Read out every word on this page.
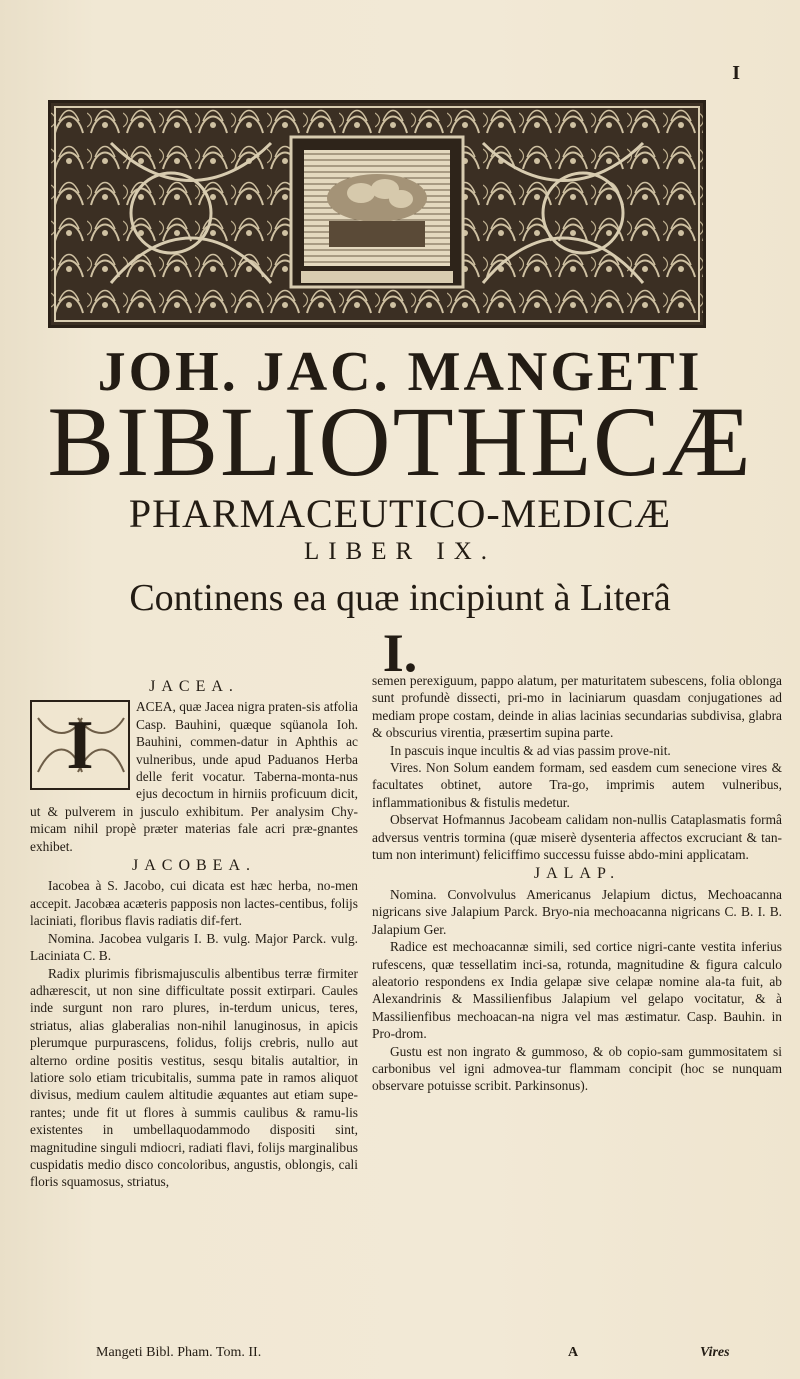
I
JOH. JAC. MANGETI
BIBLIOTHECÆ
PHARMACEUTICO-MEDICÆ
LIBER IX.
Continens ea quæ incipiunt à Literâ
I.

JACEA.

I

ACEA, quæ Jacea nigra praten-sis atfolia Casp. Bauhini, quæque sqüanola Ioh. Bauhini, commen-datur in Aphthis ac vulneribus, unde apud Paduanos Herba delle ferit vocatur. Taberna-monta-nus ejus decoctum in hirniis proficuum dicit, ut & pulverem in jusculo exhibitum. Per analysim Chy-micam nihil propè præter materias fale acri præ-gnantes exhibet.

JACOBEA.

Iacobea à S. Jacobo, cui dicata est hæc herba, no-men accepit. Jacobæa acæteris papposis non lactes-centibus, folijs laciniati, floribus flavis radiatis dif-fert.

Nomina. Jacobea vulgaris I. B. vulg. Major Parck. vulg. Laciniata C. B.

Radix plurimis fibrismajusculis albentibus terræ firmiter adhærescit, ut non sine difficultate possit extirpari. Caules inde surgunt non raro plures, in-terdum unicus, teres, striatus, alias glaberalias non-nihil lanuginosus, in apicis plerumque purpurascens, folidus, folijs crebris, nullo aut alterno ordine positis vestitus, sesqu bitalis autaltior, in latiore solo etiam tricubitalis, summa pate in ramos aliquot divisus, medium caulem altitudie æquantes aut etiam supe-rantes; unde fit ut flores à summis caulibus & ramu-lis existentes in umbellaquodammodo dispositi sint, magnitudine singuli mdiocri, radiati flavi, folijs marginalibus cuspidatis medio disco concoloribus, angustis, oblongis, cali floris squamosus, striatus,

semen perexiguum, pappo alatum, per maturitatem subescens, folia oblonga sunt profundè dissecti, pri-mo in laciniarum quasdam conjugationes ad mediam prope costam, deinde in alias lacinias secundarias subdivisa, glabra & obscurius virentia, præsertim supina parte.

In pascuis inque incultis & ad vias passim prove-nit.

Vires. Non Solum eandem formam, sed easdem cum senecione vires & facultates obtinet, autore Tra-go, imprimis autem vulneribus, inflammationibus & fistulis medetur.

Observat Hofmannus Jacobeam calidam non-nullis Cataplasmatis formâ adversus ventris tormina (quæ miserè dysenteria affectos excruciant & tan-tum non interimunt) feliciffimo successu fuisse abdo-mini applicatam.

JALAP.

Nomina. Convolvulus Americanus Jelapium dictus, Mechoacanna nigricans sive Jalapium Parck. Bryo-nia mechoacanna nigricans C. B. I. B. Jalapium Ger.

Radice est mechoacannæ simili, sed cortice nigri-cante vestita inferius rufescens, quæ tessellatim inci-sa, rotunda, magnitudine & figura calculo aleatorio respondens ex India gelapæ sive celapæ nomine ala-ta fuit, ab Alexandrinis & Massilienfibus Jalapium vel gelapo vocitatur, & à Massilienfibus mechoacan-na nigra vel mas æstimatur. Casp. Bauhin. in Pro-drom.

Gustu est non ingrato & gummoso, & ob copio-sam gummositatem si carbonibus vel igni admovea-tur flammam concipit (hoc se nunquam observare potuisse scribit. Parkinsonus).

Mangeti Bibl. Pham. Tom. II.	A	Vires
